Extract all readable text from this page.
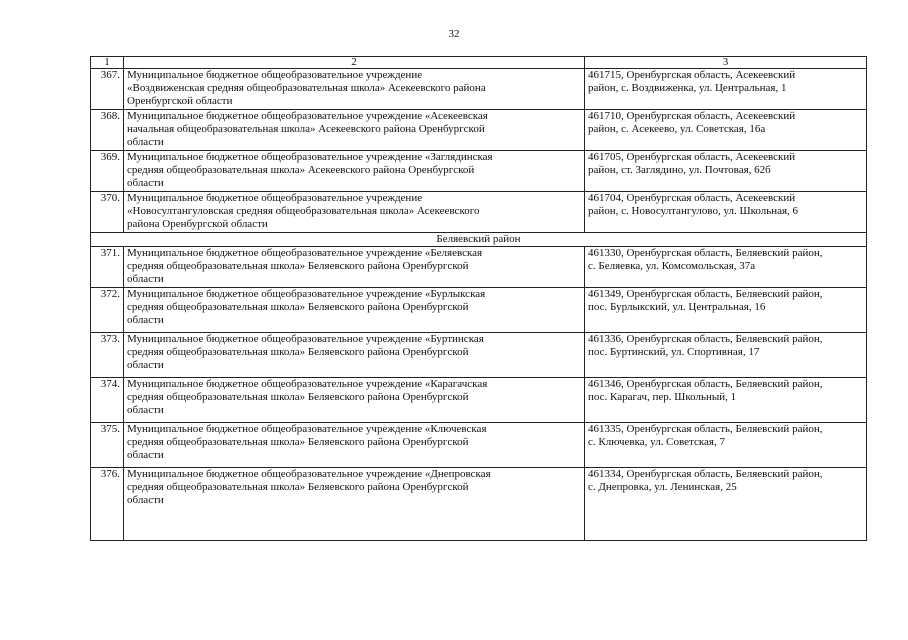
32
1	2	3
367.	Муниципальное бюджетное общеобразовательное учреждение
«Воздвиженская средняя общеобразовательная школа» Асекеевского района
Оренбургской области	461715, Оренбургская область, Асекеевский
район, с. Воздвиженка, ул. Центральная, 1

368.	Муниципальное бюджетное общеобразовательное учреждение «Асекеевская
начальная общеобразовательная школа» Асекеевского района Оренбургской
области	461710, Оренбургская область, Асекеевский
район, с. Асекеево, ул. Советская, 16а

369.	Муниципальное бюджетное общеобразовательное учреждение «Заглядинская
средняя общеобразовательная школа» Асекеевского района Оренбургской
области	461705, Оренбургская область, Асекеевский
район, ст. Заглядино, ул. Почтовая, 62б

370.	Муниципальное бюджетное общеобразовательное учреждение
«Новосултангуловская средняя общеобразовательная школа» Асекеевского
района Оренбургской области	461704, Оренбургская область, Асекеевский
район, с. Новосултангулово, ул. Школьная, 6

Беляевский район		
371.	Муниципальное бюджетное общеобразовательное учреждение «Беляевская
средняя общеобразовательная школа» Беляевского района Оренбургской
области	461330, Оренбургская область, Беляевский район,
с. Беляевка, ул. Комсомольская, 37а

372.	Муниципальное бюджетное общеобразовательное учреждение «Бурлыкская
средняя общеобразовательная школа» Беляевского района Оренбургской
области	461349, Оренбургская область, Беляевский район,
пос. Бурлыкский, ул. Центральная, 16

373.	Муниципальное бюджетное общеобразовательное учреждение «Буртинская
средняя общеобразовательная школа» Беляевского района Оренбургской
области	461336, Оренбургская область, Беляевский район,
пос. Буртинский, ул. Спортивная, 17

374.	Муниципальное бюджетное общеобразовательное учреждение «Карагачская
средняя общеобразовательная школа» Беляевского района Оренбургской
области	461346, Оренбургская область, Беляевский район,
пос. Карагач, пер. Школьный, 1

375.	Муниципальное бюджетное общеобразовательное учреждение «Ключевская
средняя общеобразовательная школа» Беляевского района Оренбургской
области	461335, Оренбургская область, Беляевский район,
с. Ключевка, ул. Советская, 7

376.	Муниципальное бюджетное общеобразовательное учреждение «Днепровская
средняя общеобразовательная школа» Беляевского района Оренбургской
области	461334, Оренбургская область, Беляевский район,
с. Днепровка, ул. Ленинская, 25
